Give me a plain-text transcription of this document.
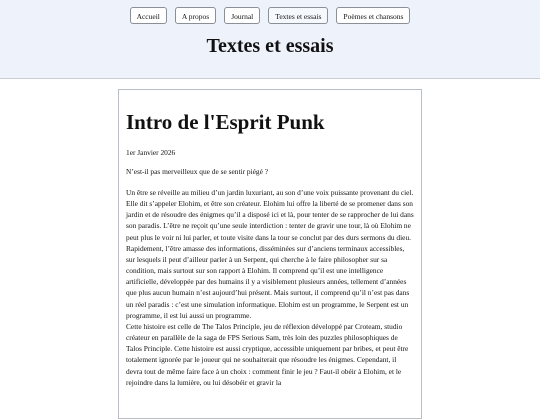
Accueil	A propos	Journal	Textes et essais	Poèmes et chansons
Textes et essais
Intro de l'Esprit Punk

1er Janvier 2026

N’est-il pas merveilleux que de se sentir piégé ?

Un être se réveille au milieu d’un jardin luxuriant, au son d’une voix puissante provenant du ciel. Elle dit s’appeler Elohim, et être son créateur. Elohim lui offre la liberté de se promener dans son jardin et de résoudre des énigmes qu’il a disposé ici et là, pour tenter de se rapprocher de lui dans son paradis. L’être ne reçoit qu’une seule interdiction : tenter de gravir une tour, là où Elohim ne peut plus le voir ni lui parler, et toute visite dans la tour se conclut par des durs sermons du dieu. Rapidement, l’être amasse des informations, disséminées sur d’anciens terminaux accessibles, sur lesquels il peut d’ailleur parler à un Serpent, qui cherche à le faire philosopher sur sa condition, mais surtout sur son rapport à Elohim. Il comprend qu’il est une intelligence artificielle, développée par des humains il y a visiblement plusieurs années, tellement d’années que plus aucun humain n’est aujourd’hui présent. Mais surtout, il comprend qu’il n’est pas dans un réel paradis : c’est une simulation informatique. Elohim est un programme, le Serpent est un programme, il est lui aussi un programme.

Cette histoire est celle de The Talos Principle, jeu de réflexion développé par Croteam, studio créateur en parallèle de la saga de FPS Serious Sam, très loin des puzzles philosophiques de Talos Principle. Cette histoire est aussi cryptique, accessible uniquement par bribes, et peut être totalement ignorée par le joueur qui ne souhaiterait que résoudre les énigmes. Cependant, il devra tout de même faire face à un choix : comment finir le jeu ? Faut-il obéir à Elohim, et le rejoindre dans la lumière, ou lui désobéir et gravir la
